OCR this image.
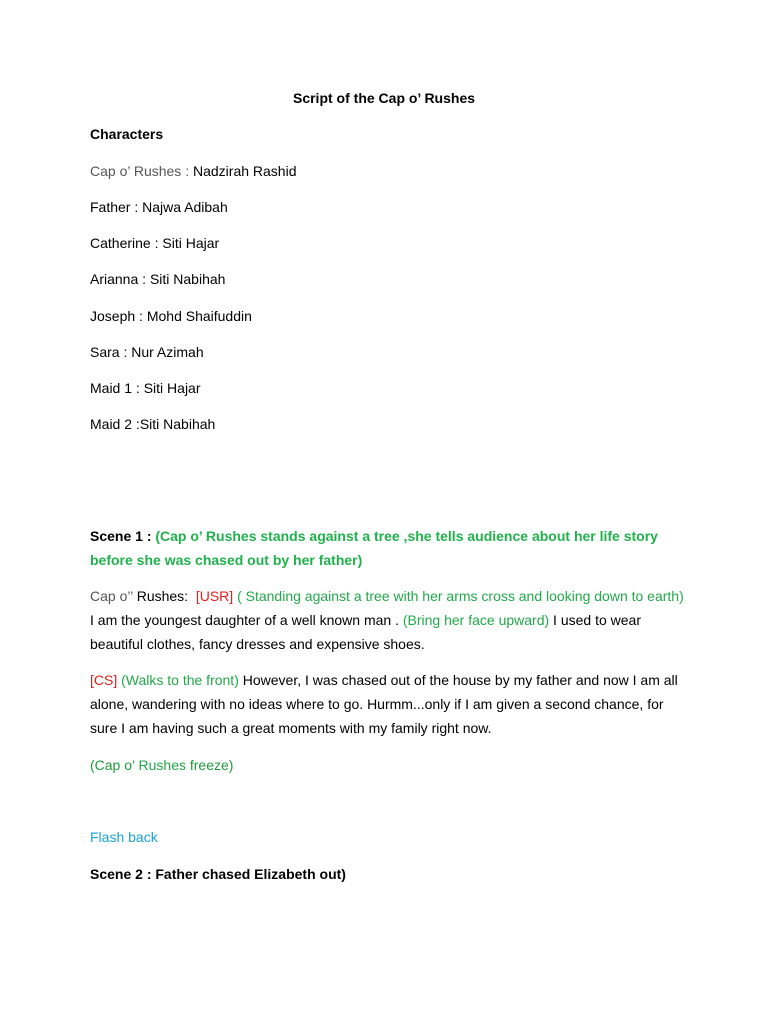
Script of the Cap o’ Rushes
Characters
Cap o’ Rushes : Nadzirah Rashid
Father : Najwa Adibah
Catherine : Siti Hajar
Arianna : Siti Nabihah
Joseph : Mohd Shaifuddin
Sara : Nur Azimah
Maid 1 : Siti Hajar
Maid 2 :Siti Nabihah
Scene 1 : (Cap o’ Rushes stands against a tree ,she tells audience about her life story
before she was chased out by her father)
Cap o’’ Rushes: [USR] ( Standing against a tree with her arms cross and looking down to earth)
I am the youngest daughter of a well known man . (Bring her face upward) I used to wear
beautiful clothes, fancy dresses and expensive shoes.
[CS] (Walks to the front) However, I was chased out of the house by my father and now I am all
alone, wandering with no ideas where to go. Hurmm...only if I am given a second chance, for
sure I am having such a great moments with my family right now.
(Cap o’ Rushes freeze)
Flash back
Scene 2 : Father chased Elizabeth out)
